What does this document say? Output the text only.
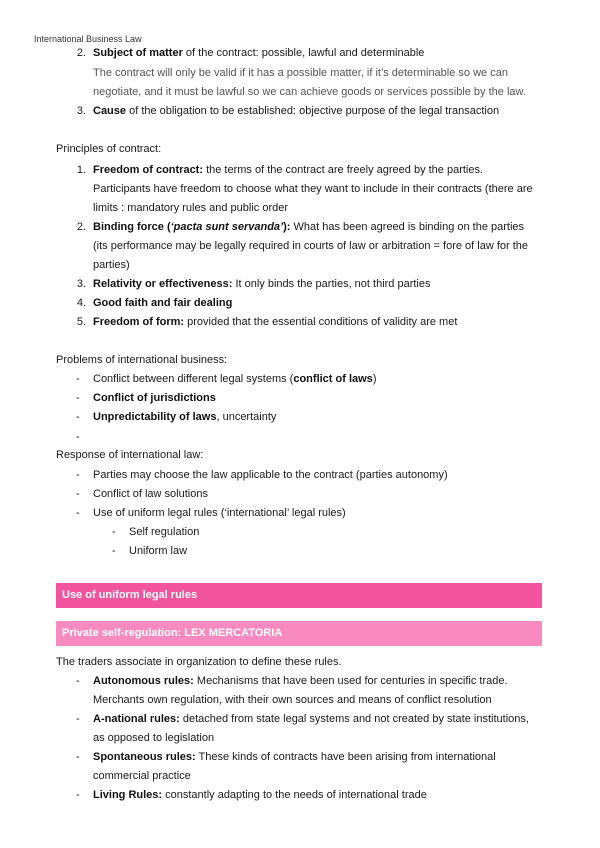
International Business Law
2. Subject of matter of the contract: possible, lawful and determinable
The contract will only be valid if it has a possible matter, if it’s determinable so we can
negotiate, and it must be lawful so we can achieve goods or services possible by the law.
3. Cause of the obligation to be established: objective purpose of the legal transaction
Principles of contract:
1. Freedom of contract: the terms of the contract are freely agreed by the parties.
Participants have freedom to choose what they want to include in their contracts (there are
limits : mandatory rules and public order
2. Binding force (‘pacta sunt servanda’): What has been agreed is binding on the parties
(its performance may be legally required in courts of law or arbitration = fore of law for the
parties)
3. Relativity or effectiveness: It only binds the parties, not third parties
4. Good faith and fair dealing
5. Freedom of form: provided that the essential conditions of validity are met
Problems of international business:
- Conflict between different legal systems (conflict of laws)
- Conflict of jurisdictions
- Unpredictability of laws, uncertainty
-
Response of international law:
- Parties may choose the law applicable to the contract (parties autonomy)
- Conflict of law solutions
- Use of uniform legal rules (‘international’ legal rules)
- Self regulation
- Uniform law
Use of uniform legal rules
Private self-regulation: LEX MERCATORIA
The traders associate in organization to define these rules.
- Autonomous rules: Mechanisms that have been used for centuries in specific trade.
Merchants own regulation, with their own sources and means of conflict resolution
- A-national rules: detached from state legal systems and not created by state institutions,
as opposed to legislation
- Spontaneous rules: These kinds of contracts have been arising from international
commercial practice
- Living Rules: constantly adapting to the needs of international trade
